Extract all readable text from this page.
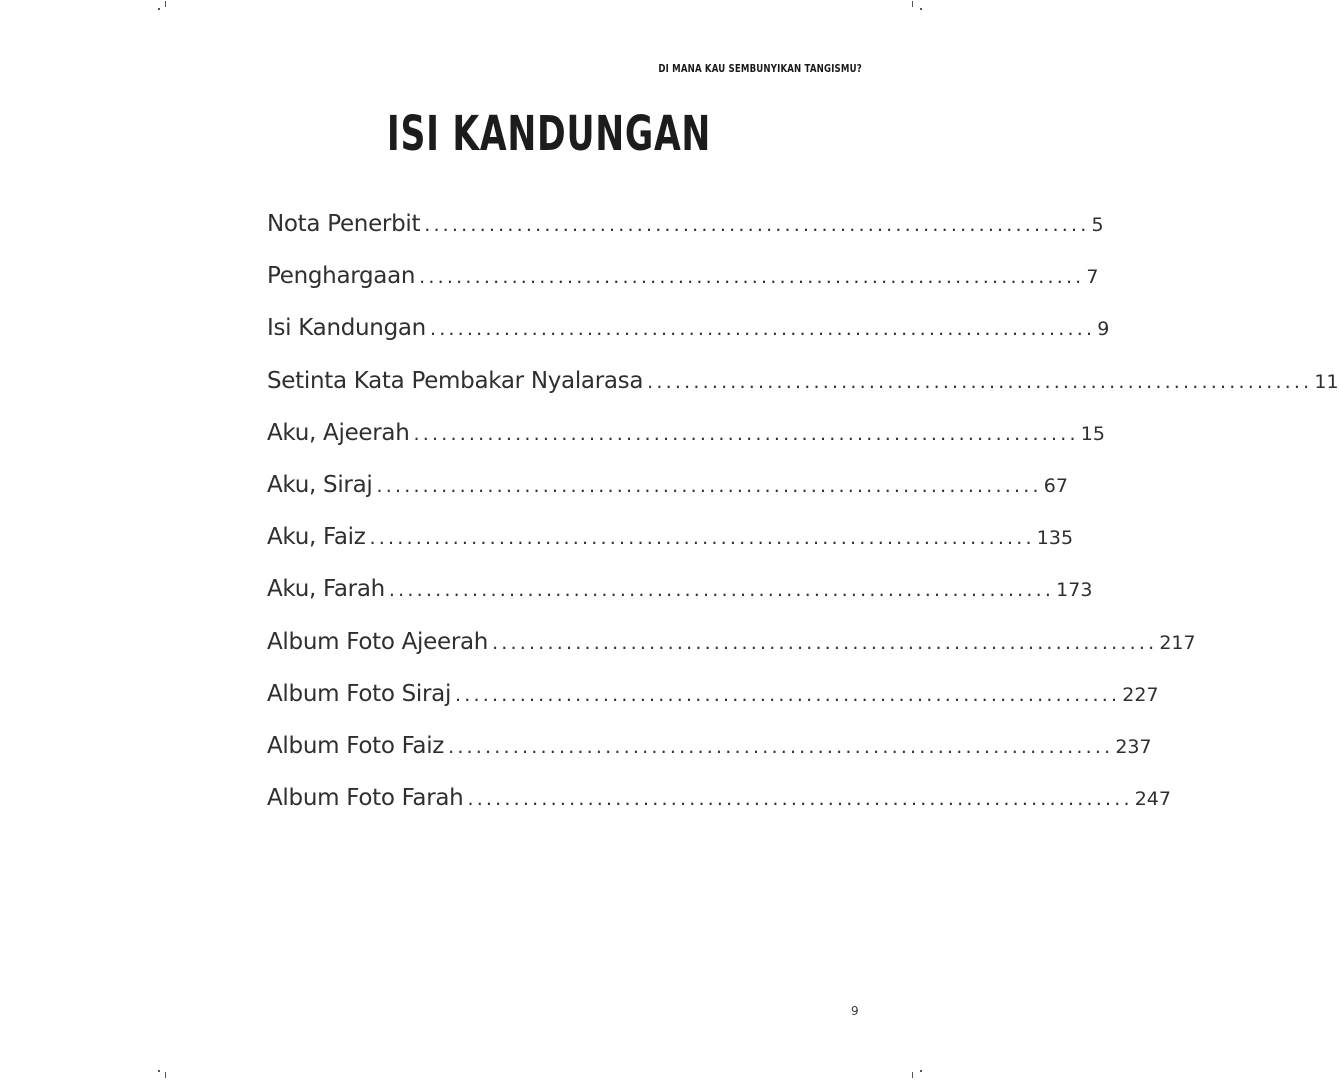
DI MANA KAU SEMBUNYIKAN TANGISMU?
ISI KANDUNGAN
Nota Penerbit ........................................................................ 5
Penghargaan ........................................................................ 7
Isi Kandungan ........................................................................ 9
Setinta Kata Pembakar Nyalarasa ........................................................................ 11
Aku, Ajeerah ........................................................................ 15
Aku, Siraj ........................................................................ 67
Aku, Faiz ........................................................................ 135
Aku, Farah ........................................................................ 173
Album Foto Ajeerah ........................................................................ 217
Album Foto Siraj ........................................................................ 227
Album Foto Faiz ........................................................................ 237
Album Foto Farah ........................................................................ 247
9
